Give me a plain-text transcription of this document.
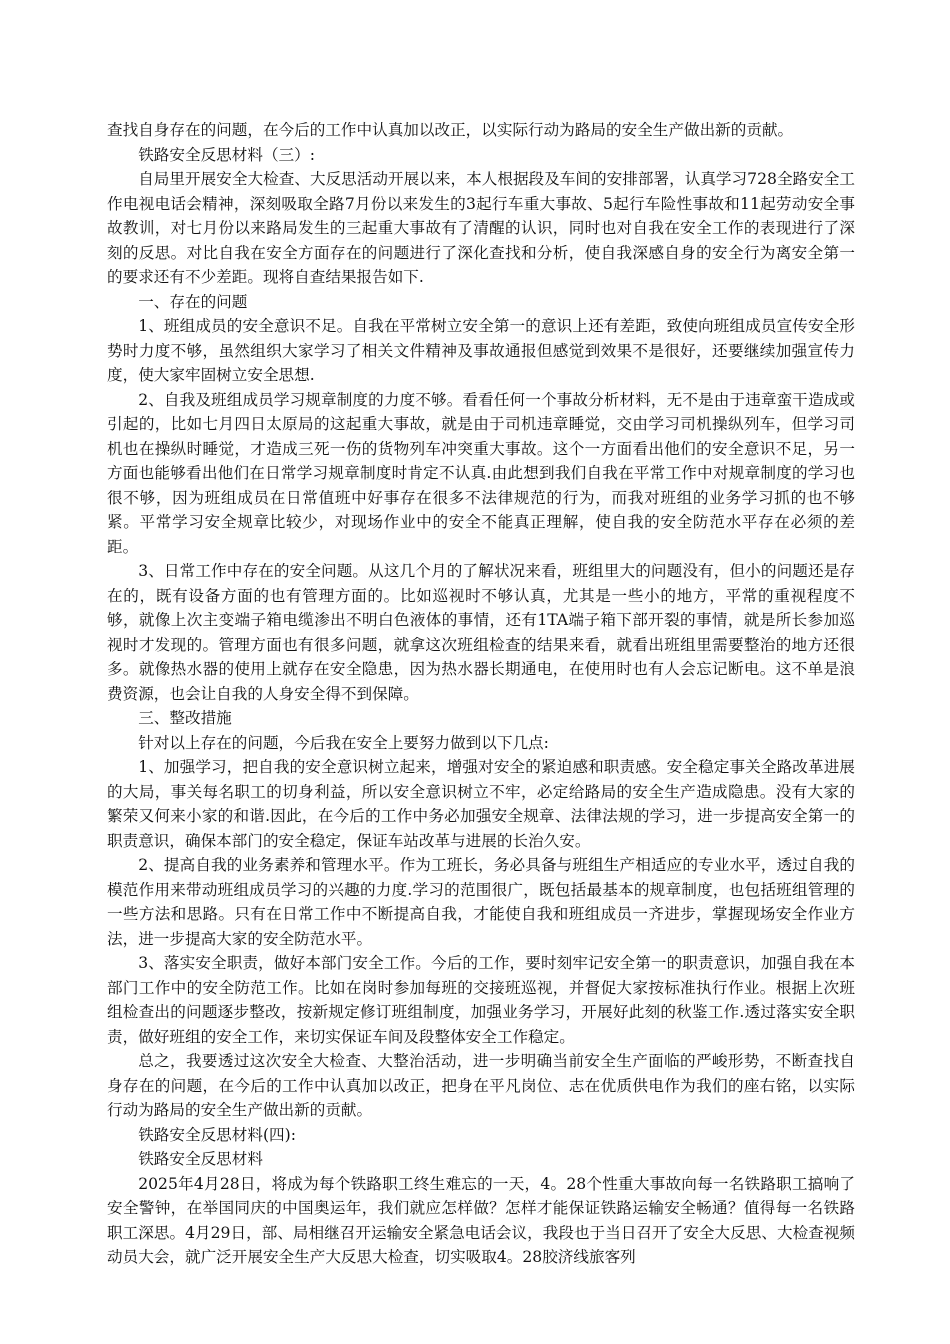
查找自身存在的问题，在今后的工作中认真加以改正，以实际行动为路局的安全生产做出新的贡献。

铁路安全反思材料（三）:

自局里开展安全大检查、大反思活动开展以来，本人根据段及车间的安排部署，认真学习728全路安全工作电视电话会精神，深刻吸取全路7月份以来发生的3起行车重大事故、5起行车险性事故和11起劳动安全事故教训，对七月份以来路局发生的三起重大事故有了清醒的认识，同时也对自我在安全工作的表现进行了深刻的反思。对比自我在安全方面存在的问题进行了深化查找和分析，使自我深感自身的安全行为离安全第一的要求还有不少差距。现将自查结果报告如下.

一、存在的问题

1、班组成员的安全意识不足。自我在平常树立安全第一的意识上还有差距，致使向班组成员宣传安全形势时力度不够，虽然组织大家学习了相关文件精神及事故通报但感觉到效果不是很好，还要继续加强宣传力度，使大家牢固树立安全思想.

2、自我及班组成员学习规章制度的力度不够。看看任何一个事故分析材料，无不是由于违章蛮干造成或引起的，比如七月四日太原局的这起重大事故，就是由于司机违章睡觉，交由学习司机操纵列车，但学习司机也在操纵时睡觉，才造成三死一伤的货物列车冲突重大事故。这个一方面看出他们的安全意识不足，另一方面也能够看出他们在日常学习规章制度时肯定不认真.由此想到我们自我在平常工作中对规章制度的学习也很不够，因为班组成员在日常值班中好事存在很多不法律规范的行为，而我对班组的业务学习抓的也不够紧。平常学习安全规章比较少，对现场作业中的安全不能真正理解，使自我的安全防范水平存在必须的差距。

3、日常工作中存在的安全问题。从这几个月的了解状况来看，班组里大的问题没有，但小的问题还是存在的，既有设备方面的也有管理方面的。比如巡视时不够认真，尤其是一些小的地方，平常的重视程度不够，就像上次主变端子箱电缆渗出不明白色液体的事情，还有1TA端子箱下部开裂的事情，就是所长参加巡视时才发现的。管理方面也有很多问题，就拿这次班组检查的结果来看，就看出班组里需要整治的地方还很多。就像热水器的使用上就存在安全隐患，因为热水器长期通电，在使用时也有人会忘记断电。这不单是浪费资源，也会让自我的人身安全得不到保障。

三、整改措施

针对以上存在的问题，今后我在安全上要努力做到以下几点:

1、加强学习，把自我的安全意识树立起来，增强对安全的紧迫感和职责感。安全稳定事关全路改革进展的大局，事关每名职工的切身利益，所以安全意识树立不牢，必定给路局的安全生产造成隐患。没有大家的繁荣又何来小家的和谐.因此，在今后的工作中务必加强安全规章、法律法规的学习，进一步提高安全第一的职责意识，确保本部门的安全稳定，保证车站改革与进展的长治久安。

2、提高自我的业务素养和管理水平。作为工班长，务必具备与班组生产相适应的专业水平，透过自我的模范作用来带动班组成员学习的兴趣的力度.学习的范围很广，既包括最基本的规章制度，也包括班组管理的一些方法和思路。只有在日常工作中不断提高自我，才能使自我和班组成员一齐进步，掌握现场安全作业方法，进一步提高大家的安全防范水平。

3、落实安全职责，做好本部门安全工作。今后的工作，要时刻牢记安全第一的职责意识，加强自我在本部门工作中的安全防范工作。比如在岗时参加每班的交接班巡视，并督促大家按标准执行作业。根据上次班组检查出的问题逐步整改，按新规定修订班组制度，加强业务学习，开展好此刻的秋鉴工作.透过落实安全职责，做好班组的安全工作，来切实保证车间及段整体安全工作稳定。

总之，我要透过这次安全大检查、大整治活动，进一步明确当前安全生产面临的严峻形势，不断查找自身存在的问题，在今后的工作中认真加以改正，把身在平凡岗位、志在优质供电作为我们的座右铭，以实际行动为路局的安全生产做出新的贡献。

铁路安全反思材料(四):

铁路安全反思材料

2025年4月28日，将成为每个铁路职工终生难忘的一天，4。28个性重大事故向每一名铁路职工搞响了安全警钟，在举国同庆的中国奥运年，我们就应怎样做？怎样才能保证铁路运输安全畅通？值得每一名铁路职工深思。4月29日，部、局相继召开运输安全紧急电话会议，我段也于当日召开了安全大反思、大检查视频动员大会，就广泛开展安全生产大反思大检查，切实吸取4。28胶济线旅客列
